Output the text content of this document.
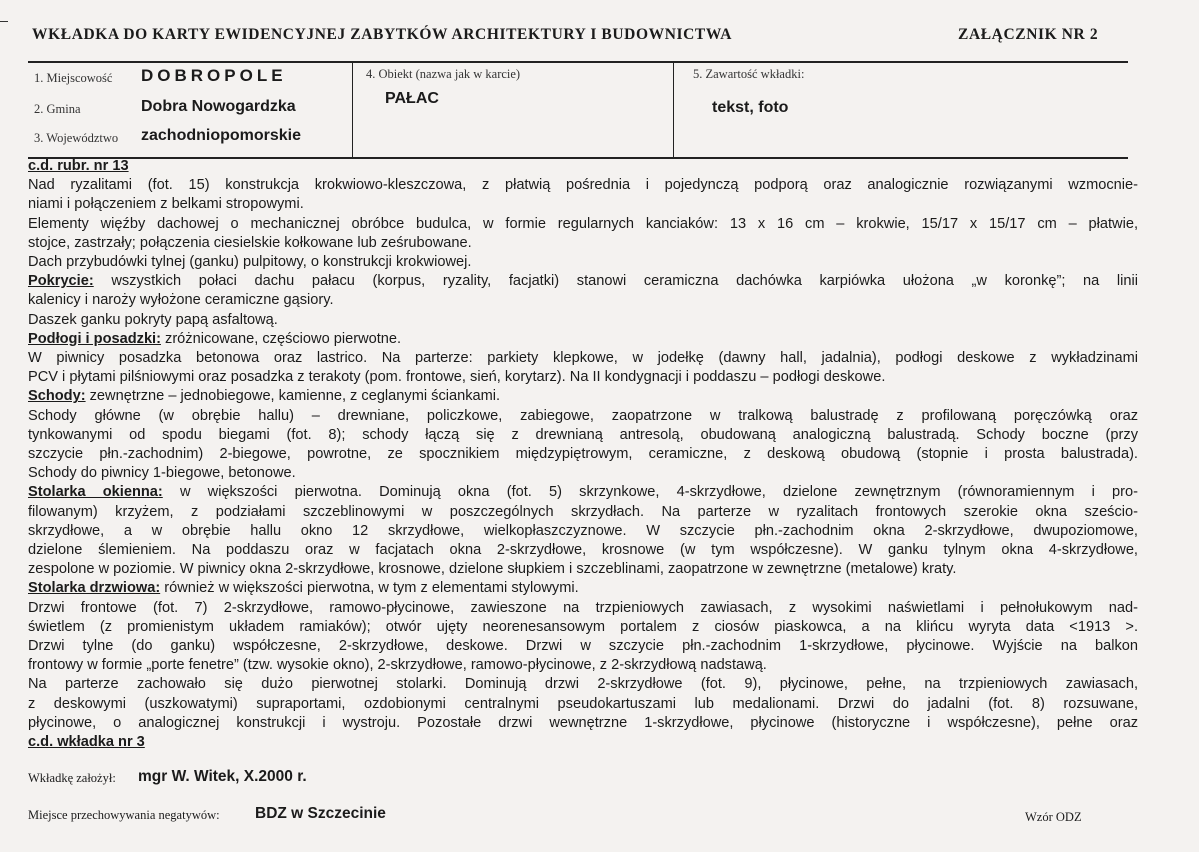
WKŁADKA DO KARTY EWIDENCYJNEJ ZABYTKÓW ARCHITEKTURY I BUDOWNICTWA	ZAŁĄCZNIK NR 2
1. Miejscowość DOBROPOLE
2. Gmina	Dobra Nowogardzka
3. Województwo zachodniopomorskie
4. Obiekt (nazwa jak w karcie)
PAŁAC
5. Zawartość wkładki:
tekst, foto
c.d. rubr. nr 13
Nad ryzalitami (fot. 15) konstrukcja krokwiowo-kleszczowa, z płatwią pośrednia i pojedynczą podporą oraz analogicznie rozwiązanymi wzmocnie-
niami i połączeniem z belkami stropowymi.
Elementy więźby dachowej o mechanicznej obróbce budulca, w formie regularnych kanciaków: 13 x 16 cm – krokwie, 15/17 x 15/17 cm – płatwie,
stojce, zastrzały; połączenia ciesielskie kołkowane lub ześrubowane.
Dach przybudówki tylnej (ganku) pulpitowy, o konstrukcji krokwiowej.
Pokrycie: wszystkich połaci dachu pałacu (korpus, ryzality, facjatki) stanowi ceramiczna dachówka karpiówka ułożona „w koronkę”; na linii
kalenicy i naroży wyłożone ceramiczne gąsiory.
Daszek ganku pokryty papą asfaltową.
Podłogi i posadzki: zróżnicowane, częściowo pierwotne.
W piwnicy posadzka betonowa oraz lastrico. Na parterze: parkiety klepkowe, w jodełkę (dawny hall, jadalnia), podłogi deskowe z wykładzinami
PCV i płytami pilśniowymi oraz posadzka z terakoty (pom. frontowe, sień, korytarz). Na II kondygnacji i poddaszu – podłogi deskowe.
Schody: zewnętrzne – jednobiegowe, kamienne, z ceglanymi ściankami.
Schody główne (w obrębie hallu) – drewniane, policzkowe, zabiegowe, zaopatrzone w tralkową balustradę z profilowaną poręczówką oraz
tynkowanymi od spodu biegami (fot. 8); schody łączą się z drewnianą antresolą, obudowaną analogiczną balustradą. Schody boczne (przy
szczycie płn.-zachodnim) 2-biegowe, powrotne, ze spocznikiem międzypiętrowym, ceramiczne, z deskową obudową (stopnie i prosta balustrada).
Schody do piwnicy 1-biegowe, betonowe.
Stolarka okienna: w większości pierwotna. Dominują okna (fot. 5) skrzynkowe, 4-skrzydłowe, dzielone zewnętrznym (równoramiennym i pro-
filowanym) krzyżem, z podziałami szczeblinowymi w poszczególnych skrzydłach. Na parterze w ryzalitach frontowych szerokie okna sześcio-
skrzydłowe, a w obrębie hallu okno 12 skrzydłowe, wielkopłaszczyznowe. W szczycie płn.-zachodnim okna 2-skrzydłowe, dwupoziomowe,
dzielone ślemieniem. Na poddaszu oraz w facjatach okna 2-skrzydłowe, krosnowe (w tym współczesne). W ganku tylnym okna 4-skrzydłowe,
zespolone w poziomie. W piwnicy okna 2-skrzydłowe, krosnowe, dzielone słupkiem i szczeblinami, zaopatrzone w zewnętrzne (metalowe) kraty.
Stolarka drzwiowa: również w większości pierwotna, w tym z elementami stylowymi.
Drzwi frontowe (fot. 7) 2-skrzydłowe, ramowo-płycinowe, zawieszone na trzpieniowych zawiasach, z wysokimi naświetlami i pełnołukowym nad-
świetlem (z promienistym układem ramiaków); otwór ujęty neorenesansowym portalem z ciosów piaskowca, a na klińcu wyryta data <1913 >.
Drzwi tylne (do ganku) współczesne, 2-skrzydłowe, deskowe. Drzwi w szczycie płn.-zachodnim 1-skrzydłowe, płycinowe. Wyjście na balkon
frontowy w formie „porte fenetre” (tzw. wysokie okno), 2-skrzydłowe, ramowo-płycinowe, z 2-skrzydłową nadstawą.
Na parterze zachowało się dużo pierwotnej stolarki. Dominują drzwi 2-skrzydłowe (fot. 9), płycinowe, pełne, na trzpieniowych zawiasach,
z deskowymi (uszkowatymi) supraportami, ozdobionymi centralnymi pseudokartuszami lub medalionami. Drzwi do jadalni (fot. 8) rozsuwane,
płycinowe, o analogicznej konstrukcji i wystroju. Pozostałe drzwi wewnętrzne 1-skrzydłowe, płycinowe (historyczne i współczesne), pełne oraz
c.d. wkładka nr 3
Wkładkę założył: mgr W. Witek, X.2000 r.
Miejsce przechowywania negatywów: BDZ w Szczecinie	Wzór ODZ
